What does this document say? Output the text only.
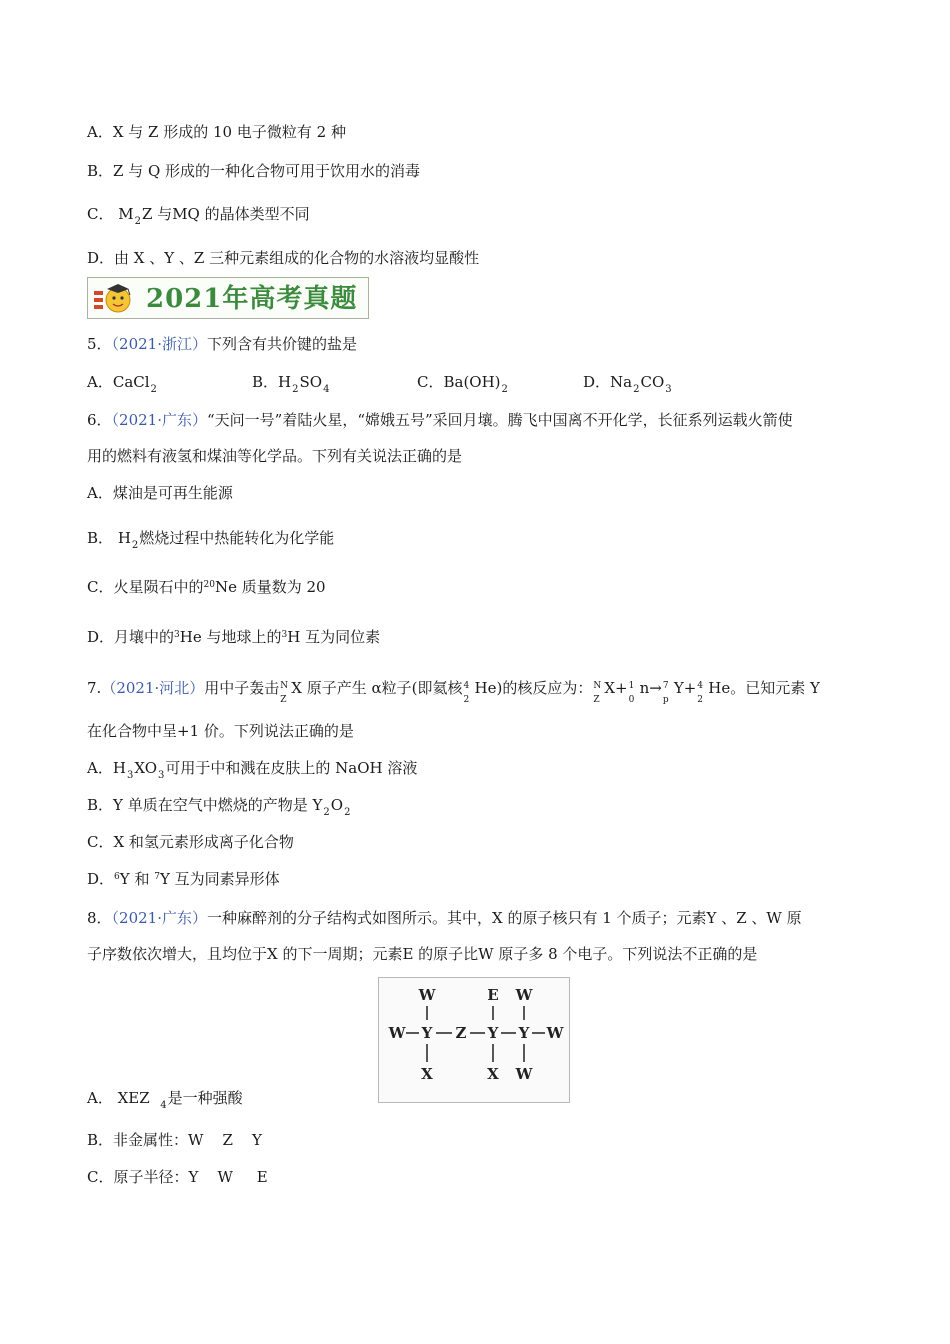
A．X 与 Z 形成的 10 电子微粒有 2 种
B．Z 与 Q 形成的一种化合物可用于饮用水的消毒
C． $M_2Z$ 与MQ 的晶体类型不同
D．由 X 、Y 、Z 三种元素组成的化合物的水溶液均显酸性
2021年高考真题
5．（2021·浙江）下列含有共价键的盐是
A．CaCl$_2$	B．$H_2SO_4$	C．$Ba(OH)_2$	D．$Na_2CO_3$
6．（2021·广东）“天问一号”着陆火星，“嫦娥五号”采回月壤。腾飞中国离不开化学，长征系列运载火箭使
用的燃料有液氢和煤油等化学品。下列有关说法正确的是
A．煤油是可再生能源
B． $H_2$燃烧过程中热能转化为化学能
C．火星陨石中的$^{20}$Ne 质量数为 20
D．月壤中的$^3$He 与地球上的$^3$H 互为同位素
7.（2021·河北）用中子轰击 N
Z
X 原子产生 α粒子(即氦核 4
2
He)的核反应为： N
Z
X+ 1
0
n→ 7
p
Y+ 4
2
He。已知元素 Y
在化合物中呈+1 价。下列说法正确的是
A．$H_3XO_3$可用于中和溅在皮肤上的 NaOH 溶液
B．Y 单质在空气中燃烧的产物是 $Y_2O_2$
C．X 和氢元素形成离子化合物
D．$^6$Y 和 $^7$Y 互为同素异形体
8．（2021·广东）一种麻醉剂的分子结构式如图所示。其中，X 的原子核只有 1 个质子；元素Y 、Z 、W 原
子序数依次增大，且均位于X 的下一周期；元素E 的原子比W 原子多 8 个电子。下列说法不正确的是
W	E W
W Y Z Y Y W
X	X W
A． XEZ $_4$是一种强酸
B．非金属性：W    Z    Y
C．原子半径：Y    W     E
